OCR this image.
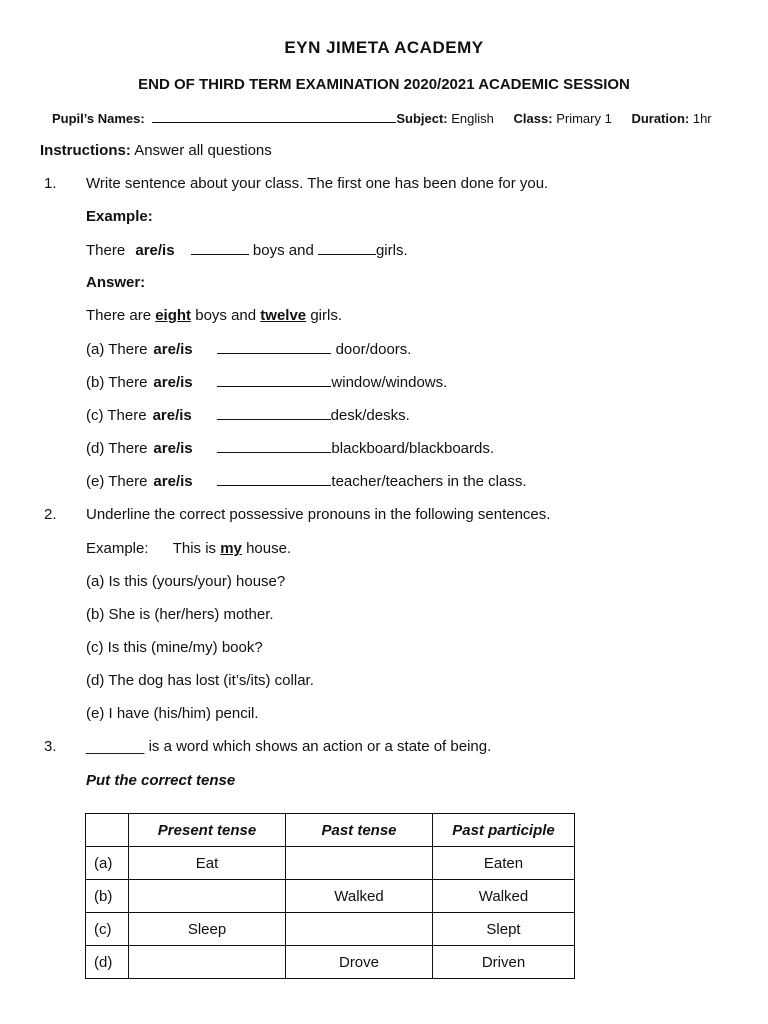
EYN JIMETA ACADEMY
END OF THIRD TERM EXAMINATION 2020/2021 ACADEMIC SESSION
Pupil’s Names:	Subject: English Class: Primary 1 Duration: 1hr
Instructions: Answer all questions
1. Write sentence about your class. The first one has been done for you.
Example:
There are/is	boys and	girls.
Answer:
There are eight boys and twelve girls.
(a) There are/is	door/doors.
(b) There are/is	window/windows.
(c) There are/is	desk/desks.
(d) There are/is	blackboard/blackboards.
(e) There are/is	teacher/teachers in the class.
2. Underline the correct possessive pronouns in the following sentences.
Example: This is my house.
(a) Is this (yours/your) house?
(b) She is (her/hers) mother.
(c) Is this (mine/my) book?
(d) The dog has lost (it’s/its) collar.
(e) I have (his/him) pencil.
3. _______ is a word which shows an action or a state of being.
Put the correct tense
	Present tense	Past tense	Past participle
(a)	Eat		Eaten
(b)		Walked	Walked
(c)	Sleep		Slept
(d)		Drove	Driven
